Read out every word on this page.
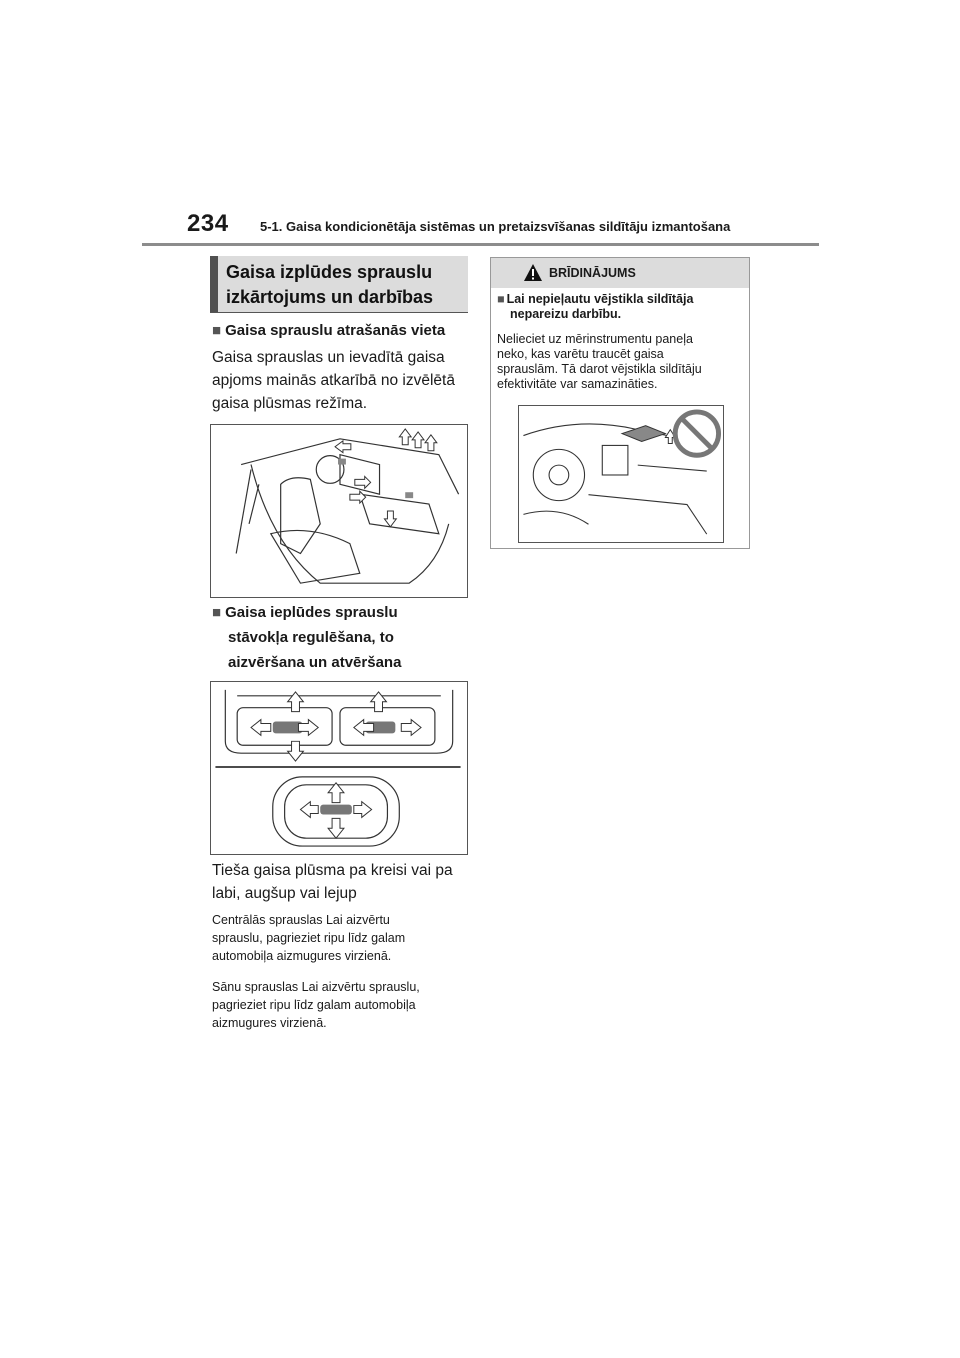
234 5-1. Gaisa kondicionētāja sistēmas un pretaizsvīšanas sildītāju izmantošana
Gaisa izplūdes sprauslu
izkārtojums un darbības
■ Gaisa sprauslu atrašanās vieta
Gaisa sprauslas un ievadītā gaisa
apjoms mainās atkarībā no izvēlētā
gaisa plūsmas režīma.
■ Gaisa ieplūdes sprauslu
stāvokļa regulēšana, to
aizvēršana un atvēršana
Tieša gaisa plūsma pa kreisi vai pa
labi, augšup vai lejup
Centrālās sprauslas Lai aizvērtu
sprauslu, pagrieziet ripu līdz galam
automobiļa aizmugures virzienā.
Sānu sprauslas Lai aizvērtu sprauslu,
pagrieziet ripu līdz galam automobiļa
aizmugures virzienā.
BRĪDINĀJUMS
■ Lai nepieļautu vējstikla sildītāja
nepareizu darbību.
Nelieciet uz mērinstrumentu paneļa
neko, kas varētu traucēt gaisa
sprauslām. Tā darot vējstikla sildītāju
efektivitāte var samazināties.
